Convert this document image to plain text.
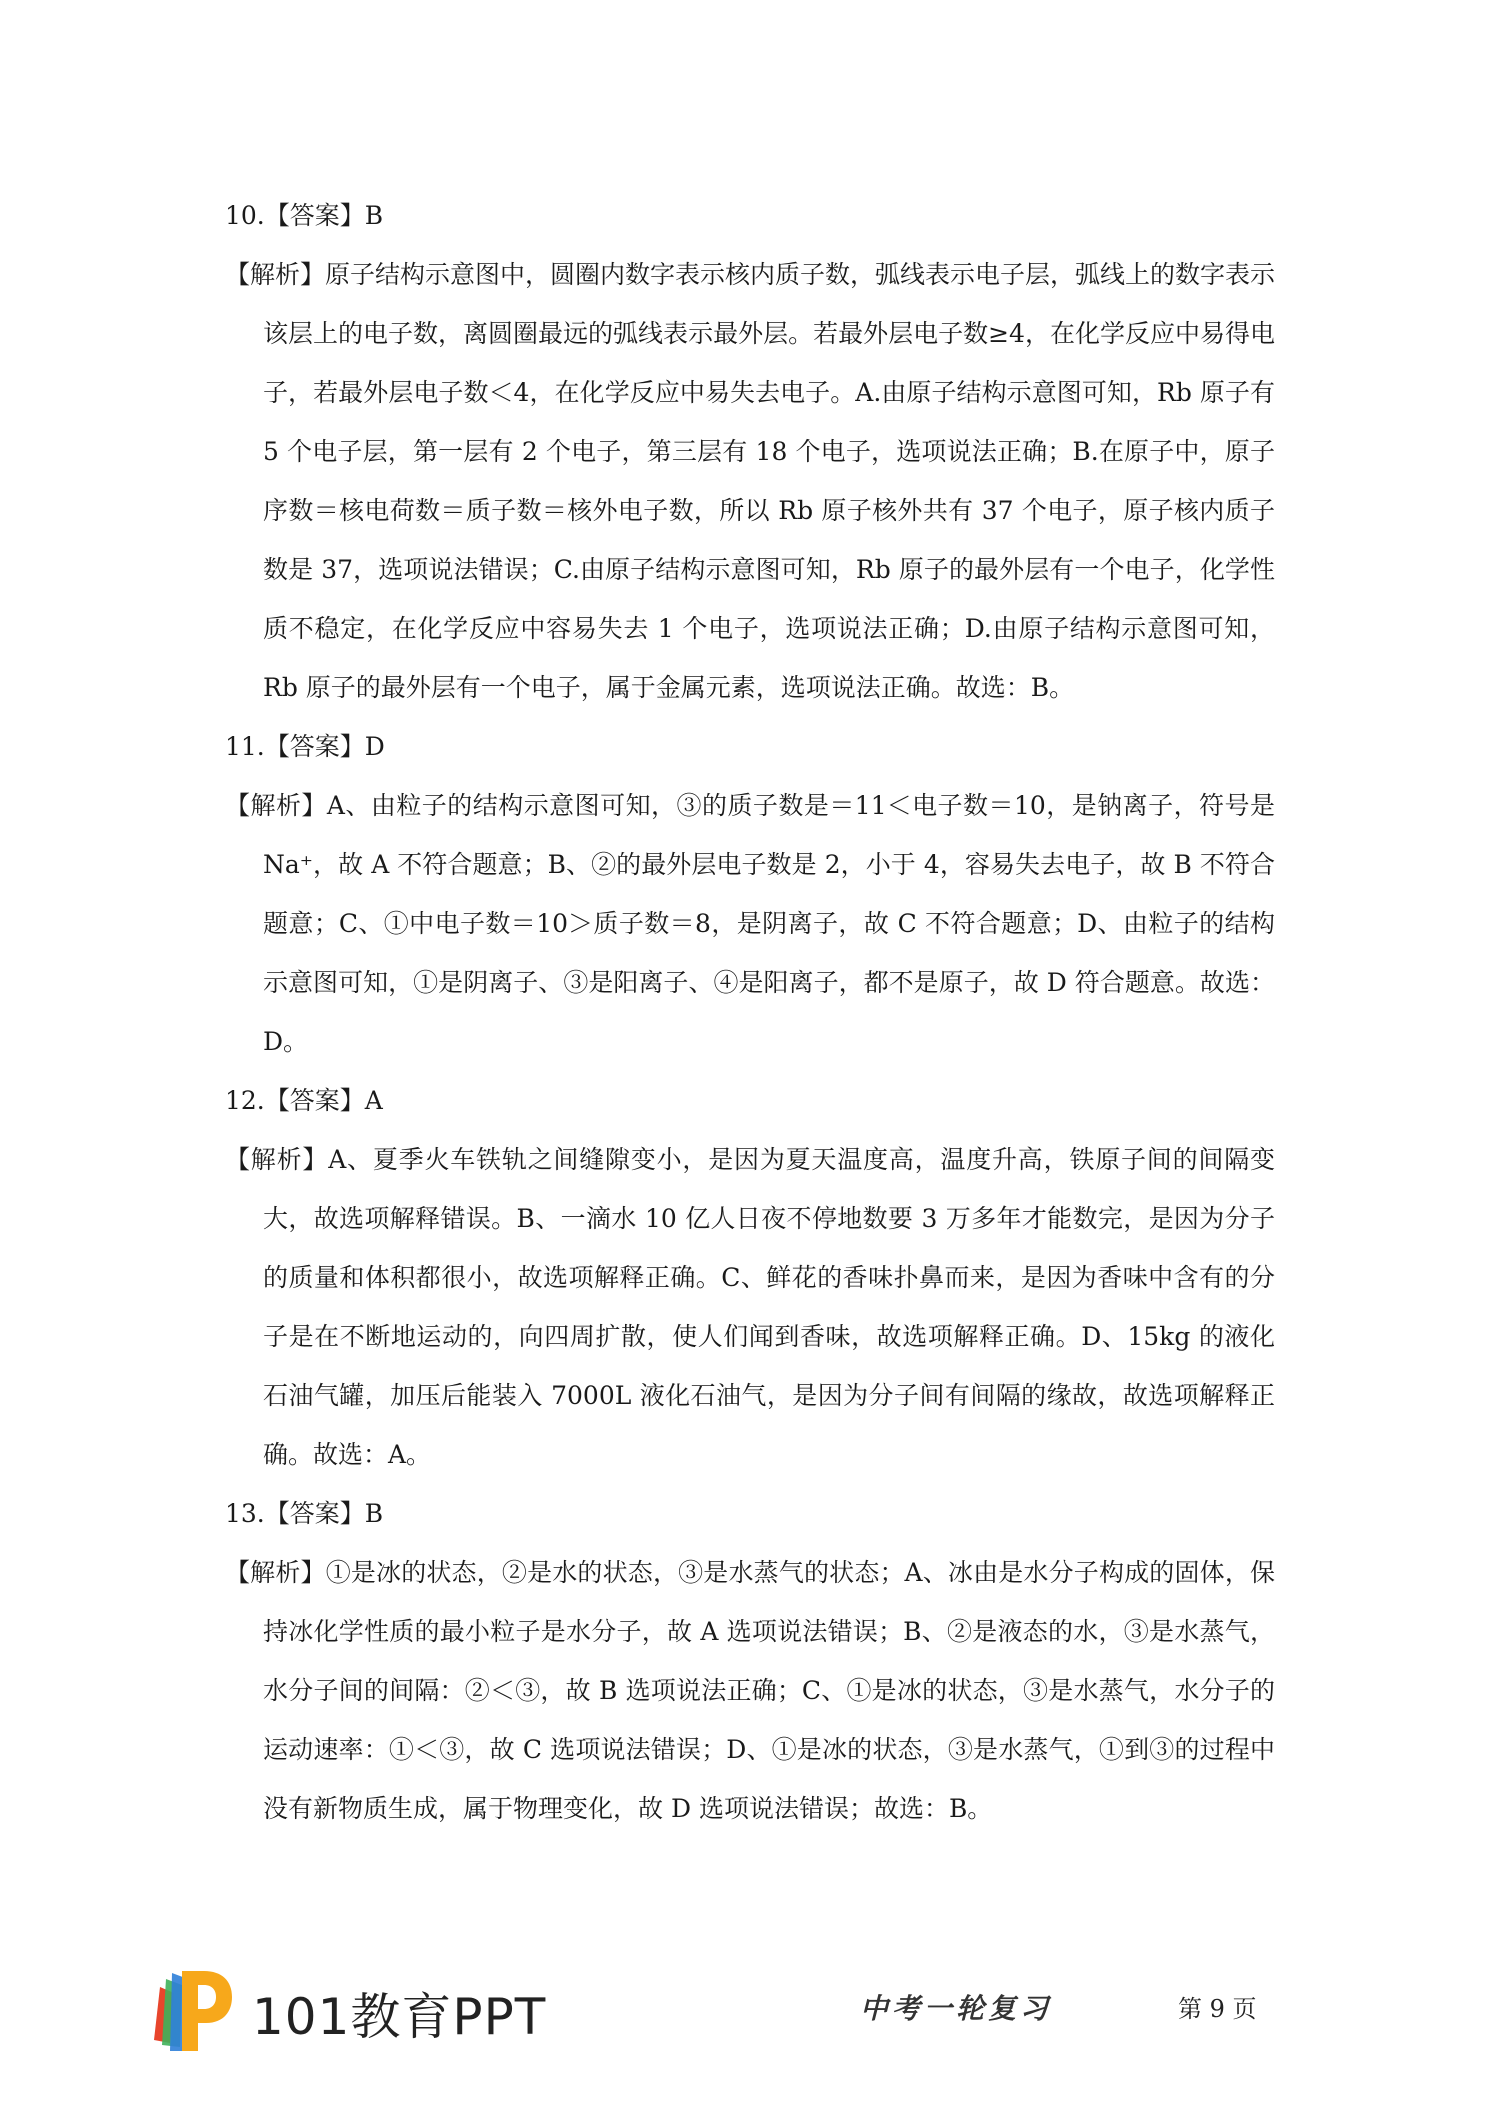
10.【答案】B

【解析】原子结构示意图中，圆圈内数字表示核内质子数，弧线表示电子层，弧线上的数字表示该层上的电子数，离圆圈最远的弧线表示最外层。若最外层电子数≥4，在化学反应中易得电子，若最外层电子数＜4，在化学反应中易失去电子。A.由原子结构示意图可知，Rb 原子有 5 个电子层，第一层有 2 个电子，第三层有 18 个电子，选项说法正确；B.在原子中，原子序数＝核电荷数＝质子数＝核外电子数，所以 Rb 原子核外共有 37 个电子，原子核内质子数是 37，选项说法错误；C.由原子结构示意图可知，Rb 原子的最外层有一个电子，化学性质不稳定，在化学反应中容易失去 1 个电子，选项说法正确；D.由原子结构示意图可知，Rb 原子的最外层有一个电子，属于金属元素，选项说法正确。故选：B。

11.【答案】D

【解析】A、由粒子的结构示意图可知，③的质子数是＝11＜电子数＝10，是钠离子，符号是 Na⁺，故 A 不符合题意；B、②的最外层电子数是 2，小于 4，容易失去电子，故 B 不符合题意；C、①中电子数＝10＞质子数＝8，是阴离子，故 C 不符合题意；D、由粒子的结构示意图可知，①是阴离子、③是阳离子、④是阳离子，都不是原子，故 D 符合题意。故选：D。

12.【答案】A

【解析】A、夏季火车铁轨之间缝隙变小，是因为夏天温度高，温度升高，铁原子间的间隔变大，故选项解释错误。B、一滴水 10 亿人日夜不停地数要 3 万多年才能数完，是因为分子的质量和体积都很小，故选项解释正确。C、鲜花的香味扑鼻而来，是因为香味中含有的分子是在不断地运动的，向四周扩散，使人们闻到香味，故选项解释正确。D、15kg 的液化石油气罐，加压后能装入 7000L 液化石油气，是因为分子间有间隔的缘故，故选项解释正确。故选：A。

13.【答案】B

【解析】①是冰的状态，②是水的状态，③是水蒸气的状态；A、冰由是水分子构成的固体，保持冰化学性质的最小粒子是水分子，故 A 选项说法错误；B、②是液态的水，③是水蒸气，水分子间的间隔：②＜③，故 B 选项说法正确；C、①是冰的状态，③是水蒸气，水分子的运动速率：①＜③，故 C 选项说法错误；D、①是冰的状态，③是水蒸气，①到③的过程中没有新物质生成，属于物理变化，故 D 选项说法错误；故选：B。

101教育PPT	中考一轮复习	第 9 页
